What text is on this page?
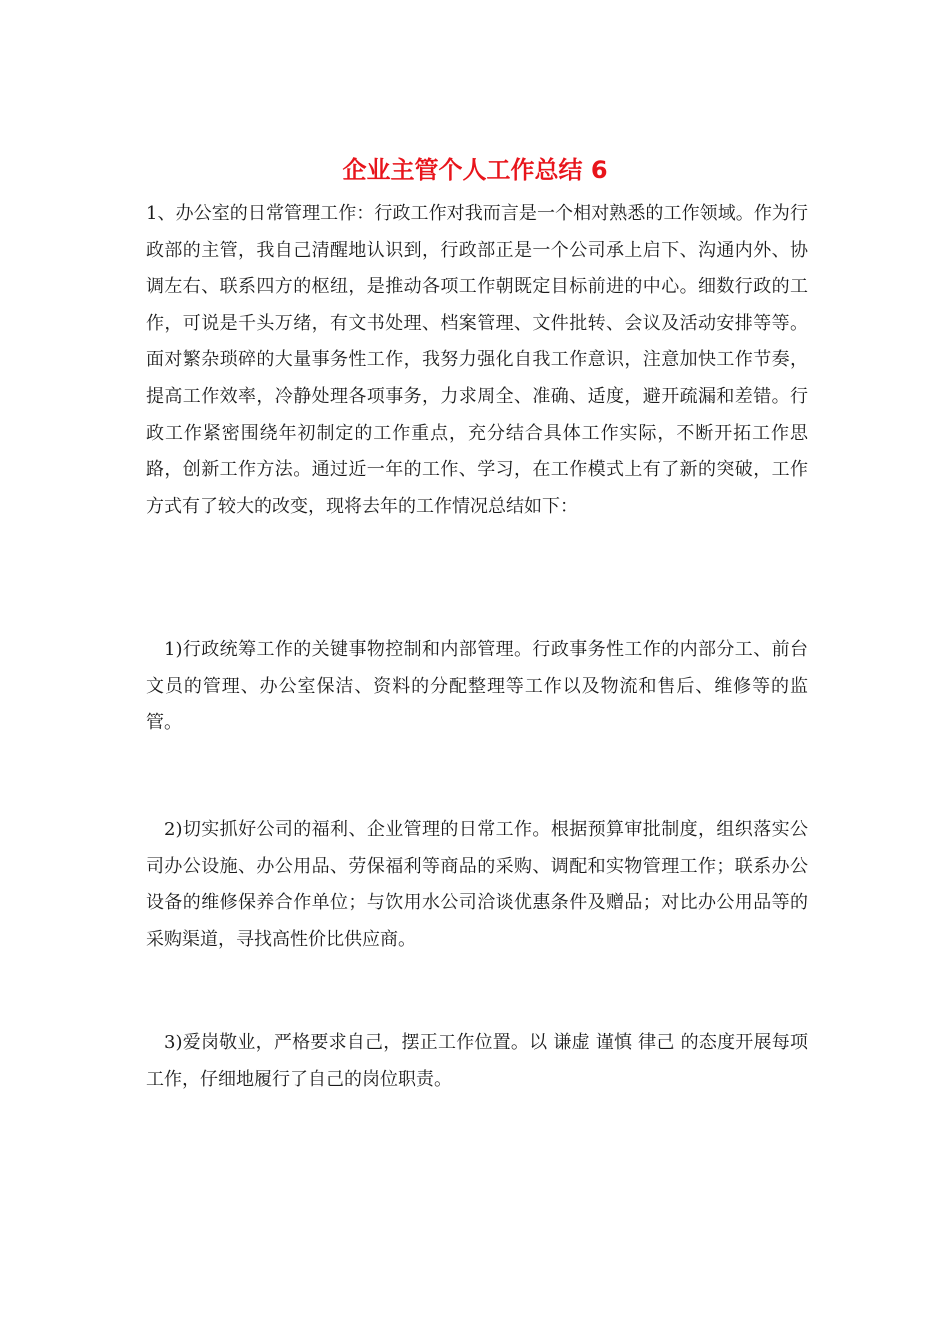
企业主管个人工作总结 6

1、办公室的日常管理工作：行政工作对我而言是一个相对熟悉的工作领域。作为行政部的主管，我自己清醒地认识到，行政部正是一个公司承上启下、沟通内外、协调左右、联系四方的枢纽，是推动各项工作朝既定目标前进的中心。细数行政的工作，可说是千头万绪，有文书处理、档案管理、文件批转、会议及活动安排等等。面对繁杂琐碎的大量事务性工作，我努力强化自我工作意识，注意加快工作节奏，提高工作效率，冷静处理各项事务，力求周全、准确、适度，避开疏漏和差错。行政工作紧密围绕年初制定的工作重点，充分结合具体工作实际，不断开拓工作思路，创新工作方法。通过近一年的工作、学习，在工作模式上有了新的突破，工作方式有了较大的改变，现将去年的工作情况总结如下：

1)行政统筹工作的关键事物控制和内部管理。行政事务性工作的内部分工、前台文员的管理、办公室保洁、资料的分配整理等工作以及物流和售后、维修等的监管。

2)切实抓好公司的福利、企业管理的日常工作。根据预算审批制度，组织落实公司办公设施、办公用品、劳保福利等商品的采购、调配和实物管理工作；联系办公设备的维修保养合作单位；与饮用水公司洽谈优惠条件及赠品；对比办公用品等的采购渠道，寻找高性价比供应商。

3)爱岗敬业，严格要求自己，摆正工作位置。以 谦虚 谨慎 律己 的态度开展每项工作，仔细地履行了自己的岗位职责。
